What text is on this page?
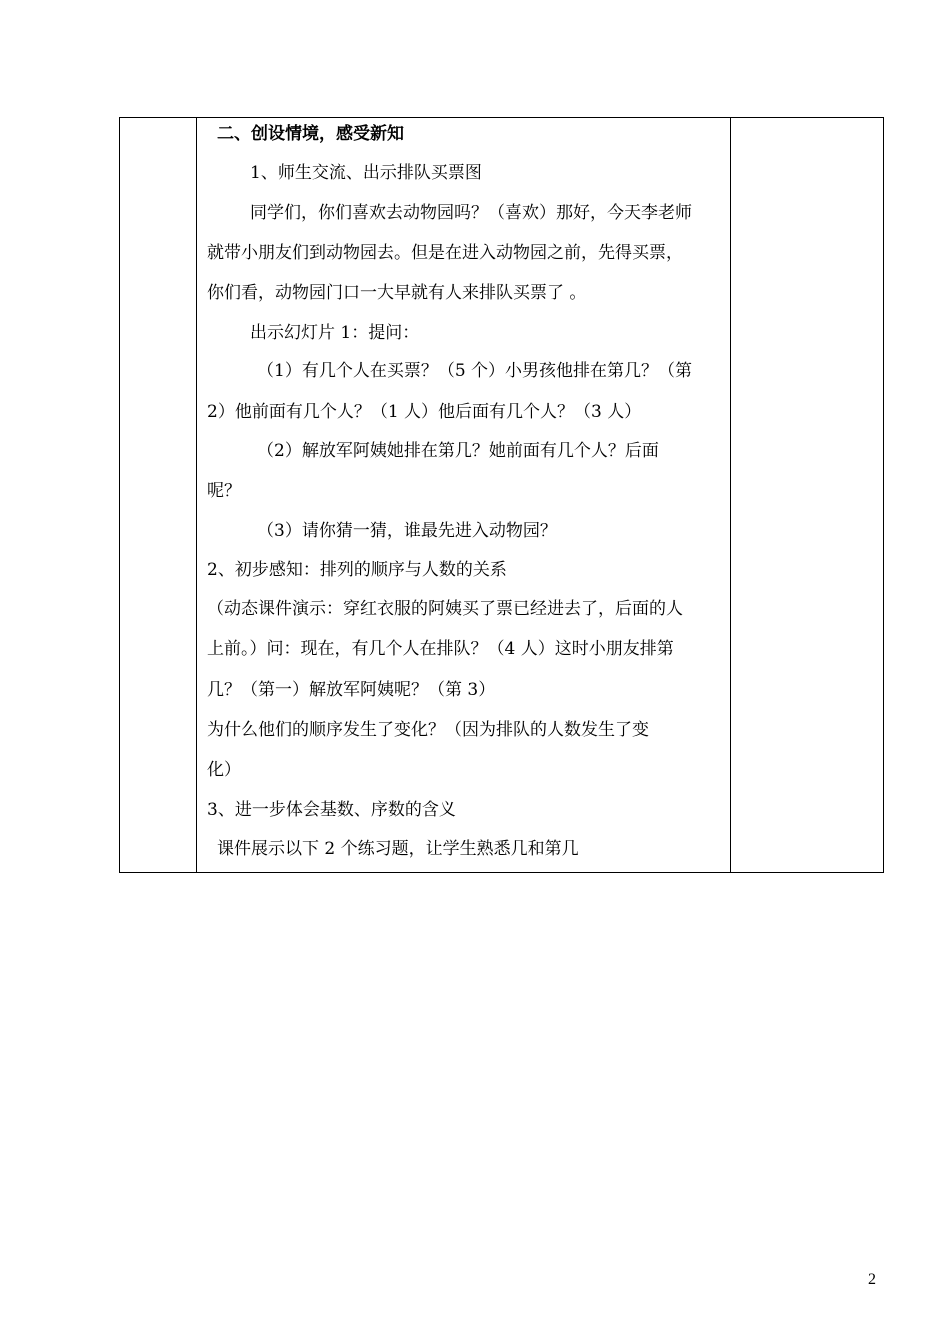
二、创设情境，感受新知
1、师生交流、出示排队买票图
同学们，你们喜欢去动物园吗？（喜欢）那好，今天李老师
就带小朋友们到动物园去。但是在进入动物园之前，先得买票，
你们看，动物园门口一大早就有人来排队买票了 。
出示幻灯片 1：提问：
（1）有几个人在买票？（5 个）小男孩他排在第几？（第
2）他前面有几个人？（1 人）他后面有几个人？（3 人）
（2）解放军阿姨她排在第几？她前面有几个人？后面
呢？
（3）请你猜一猜，谁最先进入动物园？
2、初步感知：排列的顺序与人数的关系
（动态课件演示：穿红衣服的阿姨买了票已经进去了，后面的人
上前。）问：现在，有几个人在排队？（4 人）这时小朋友排第
几？（第一）解放军阿姨呢？（第 3）
为什么他们的顺序发生了变化？（因为排队的人数发生了变
化）
3、进一步体会基数、序数的含义
课件展示以下 2 个练习题，让学生熟悉几和第几

2
